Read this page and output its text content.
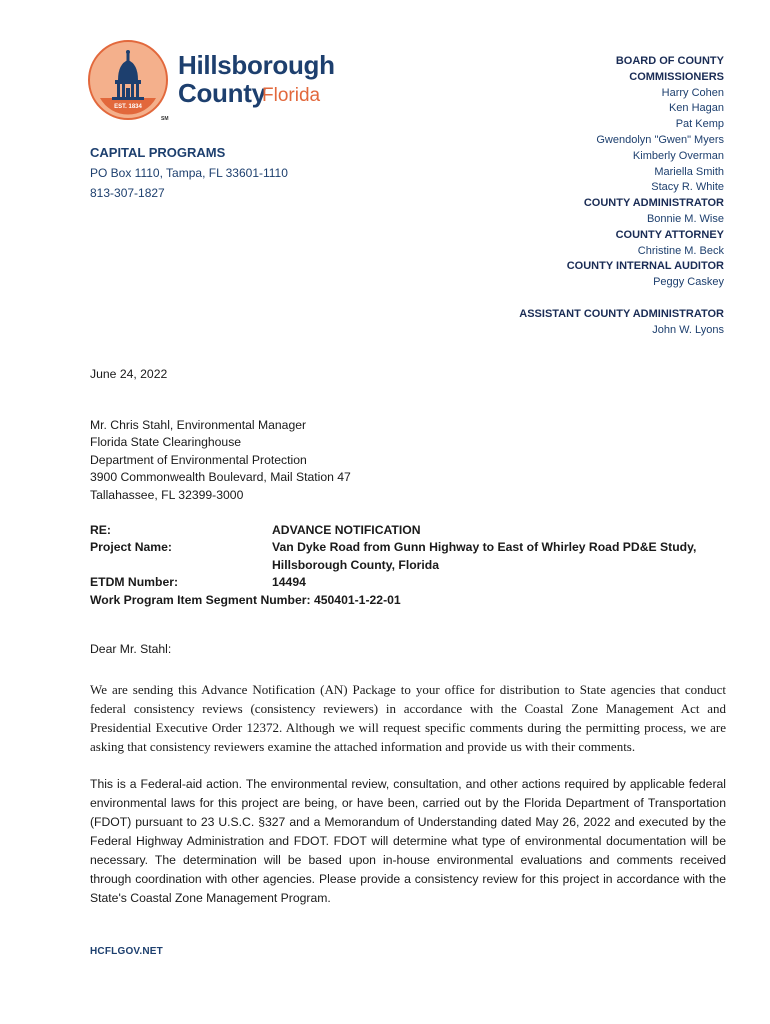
EST. 1834
Hillsborough
County
Florida
SM
CAPITAL PROGRAMS
PO Box 1110, Tampa, FL 33601-1110
813-307-1827
BOARD OF COUNTY
COMMISSIONERS
Harry Cohen
Ken Hagan
Pat Kemp
Gwendolyn "Gwen" Myers
Kimberly Overman
Mariella Smith
Stacy R. White
COUNTY ADMINISTRATOR
Bonnie M. Wise
COUNTY ATTORNEY
Christine M. Beck
COUNTY INTERNAL AUDITOR
Peggy Caskey
ASSISTANT COUNTY ADMINISTRATOR
John W. Lyons
June 24, 2022
Mr. Chris Stahl, Environmental Manager
Florida State Clearinghouse
Department of Environmental Protection
3900 Commonwealth Boulevard, Mail Station 47
Tallahassee, FL 32399-3000
RE:	ADVANCE NOTIFICATION
Project Name:	Van Dyke Road from Gunn Highway to East of Whirley Road PD&E Study,
Hillsborough County, Florida
ETDM Number:	14494
Work Program Item Segment Number: 450401-1-22-01
Dear Mr. Stahl:

We are sending this Advance Notification (AN) Package to your office for distribution to State agencies that conduct federal consistency reviews (consistency reviewers) in accordance with the Coastal Zone Management Act and Presidential Executive Order 12372. Although we will request specific comments during the permitting process, we are asking that consistency reviewers examine the attached information and provide us with their comments.

This is a Federal-aid action. The environmental review, consultation, and other actions required by applicable federal environmental laws for this project are being, or have been, carried out by the Florida Department of Transportation (FDOT) pursuant to 23 U.S.C. §327 and a Memorandum of Understanding dated May 26, 2022 and executed by the Federal Highway Administration and FDOT. FDOT will determine what type of environmental documentation will be necessary. The determination will be based upon in-house environmental evaluations and comments received through coordination with other agencies. Please provide a consistency review for this project in accordance with the State's Coastal Zone Management Program.

HCFLGOV.NET
